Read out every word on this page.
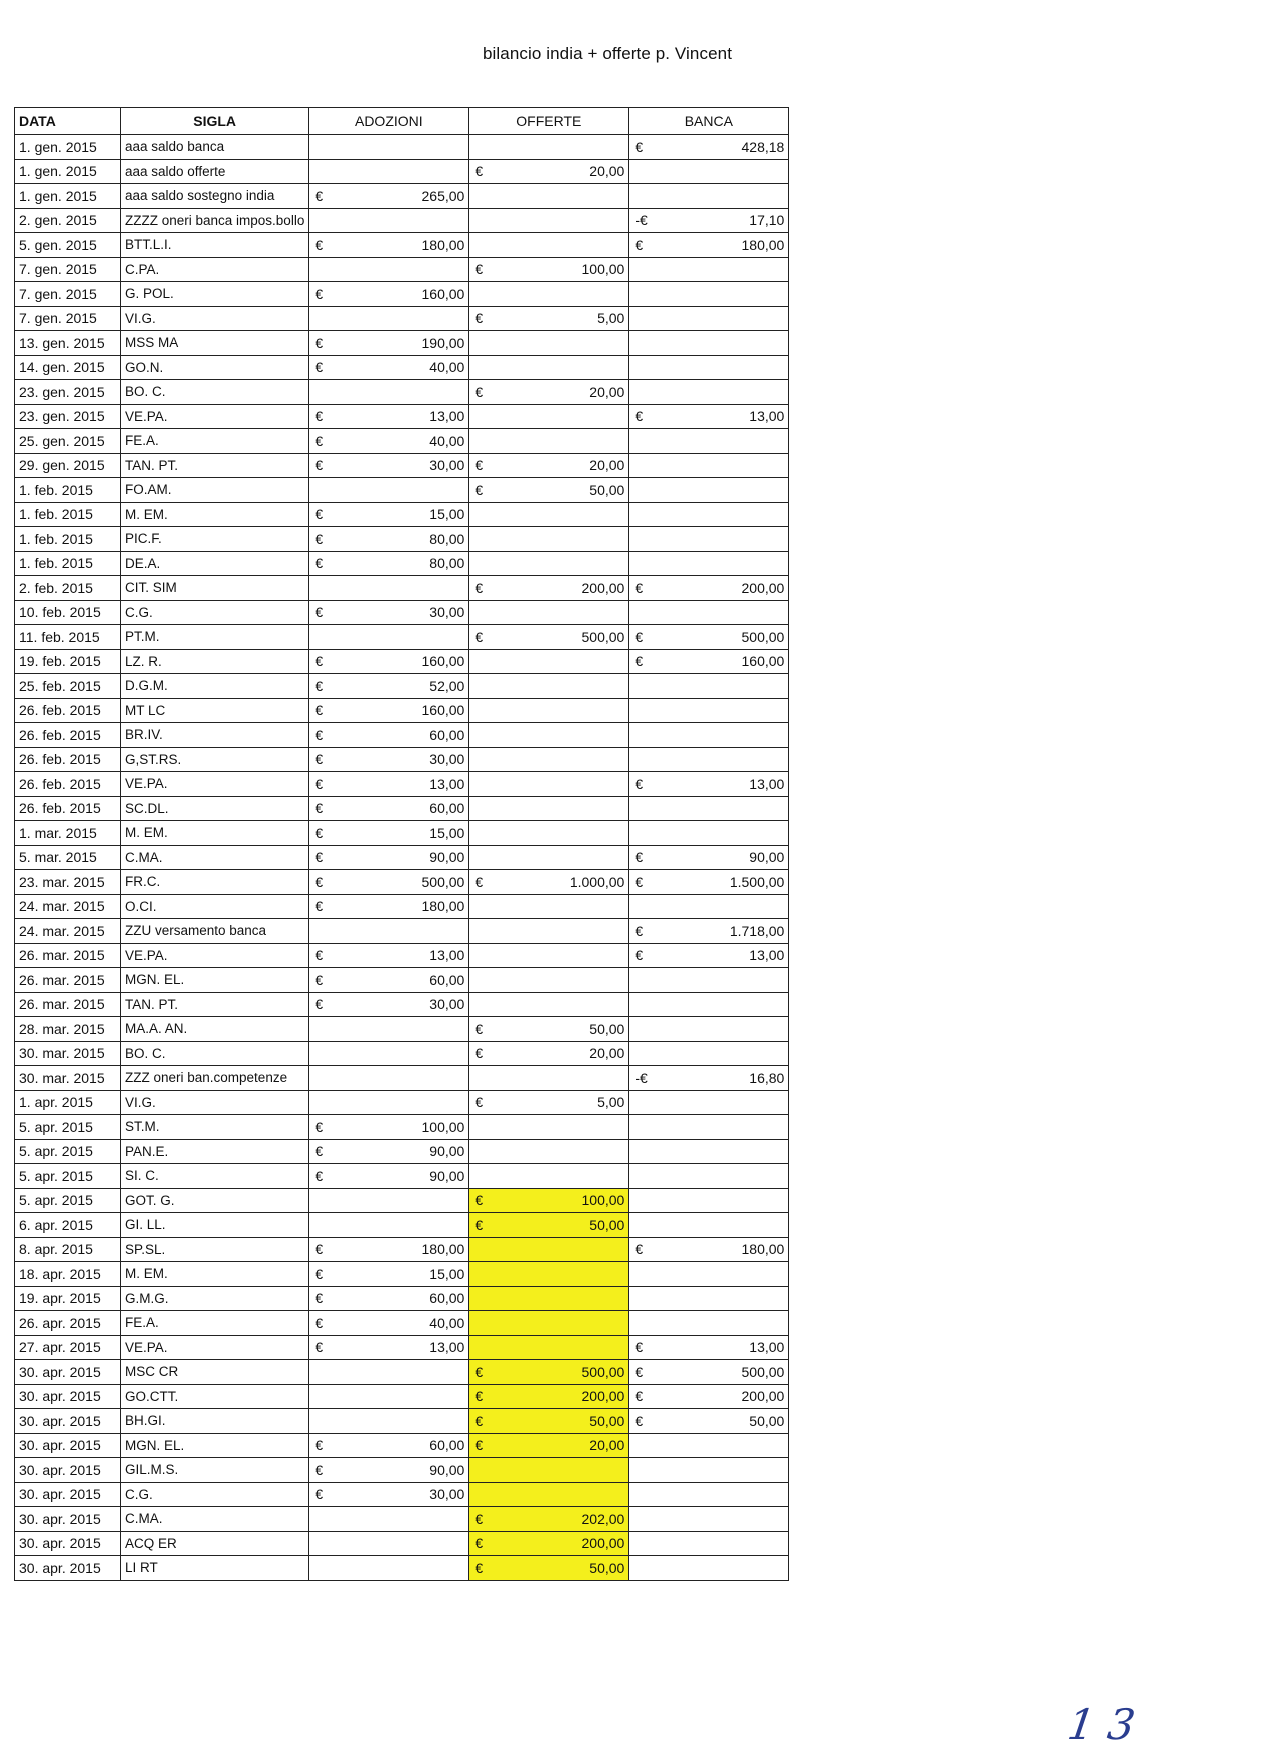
bilancio india + offerte p. Vincent
DATA	SIGLA	ADOZIONI	OFFERTE	BANCA
1. gen. 2015	aaa saldo banca			€ 428,18

1. gen. 2015	aaa saldo offerte		€ 20,00	

1. gen. 2015	aaa saldo sostegno india	€ 265,00		

2. gen. 2015	ZZZZ oneri banca impos.bollo			-€ 17,10

5. gen. 2015	BTT.L.I.	€ 180,00		€ 180,00

7. gen. 2015	C.PA.		€ 100,00	

7. gen. 2015	G. POL.	€ 160,00		

7. gen. 2015	VI.G.		€ 5,00	

13. gen. 2015	MSS MA	€ 190,00		

14. gen. 2015	GO.N.	€ 40,00		

23. gen. 2015	BO. C.		€ 20,00	

23. gen. 2015	VE.PA.	€ 13,00		€ 13,00

25. gen. 2015	FE.A.	€ 40,00		

29. gen. 2015	TAN. PT.	€ 30,00	€ 20,00	

1. feb. 2015	FO.AM.		€ 50,00	

1. feb. 2015	M. EM.	€ 15,00		

1. feb. 2015	PIC.F.	€ 80,00		

1. feb. 2015	DE.A.	€ 80,00		

2. feb. 2015	CIT. SIM		€ 200,00	€ 200,00

10. feb. 2015	C.G.	€ 30,00		

11. feb. 2015	PT.M.		€ 500,00	€ 500,00

19. feb. 2015	LZ. R.	€ 160,00		€ 160,00

25. feb. 2015	D.G.M.	€ 52,00		

26. feb. 2015	MT LC	€ 160,00		

26. feb. 2015	BR.IV.	€ 60,00		

26. feb. 2015	G,ST.RS.	€ 30,00		

26. feb. 2015	VE.PA.	€ 13,00		€ 13,00

26. feb. 2015	SC.DL.	€ 60,00		

1. mar. 2015	M. EM.	€ 15,00		

5. mar. 2015	C.MA.	€ 90,00		€ 90,00

23. mar. 2015	FR.C.	€ 500,00	€ 1.000,00	€ 1.500,00

24. mar. 2015	O.CI.	€ 180,00		

24. mar. 2015	ZZU versamento banca			€ 1.718,00

26. mar. 2015	VE.PA.	€ 13,00		€ 13,00

26. mar. 2015	MGN. EL.	€ 60,00		

26. mar. 2015	TAN. PT.	€ 30,00		

28. mar. 2015	MA.A. AN.		€ 50,00	

30. mar. 2015	BO. C.		€ 20,00	

30. mar. 2015	ZZZ oneri ban.competenze			-€ 16,80

1. apr. 2015	VI.G.		€ 5,00	

5. apr. 2015	ST.M.	€ 100,00		

5. apr. 2015	PAN.E.	€ 90,00		

5. apr. 2015	SI. C.	€ 90,00		

5. apr. 2015	GOT. G.		€ 100,00	

6. apr. 2015	GI. LL.		€ 50,00	

8. apr. 2015	SP.SL.	€ 180,00		€ 180,00

18. apr. 2015	M. EM.	€ 15,00		

19. apr. 2015	G.M.G.	€ 60,00		

26. apr. 2015	FE.A.	€ 40,00		

27. apr. 2015	VE.PA.	€ 13,00		€ 13,00

30. apr. 2015	MSC CR		€ 500,00	€ 500,00

30. apr. 2015	GO.CTT.		€ 200,00	€ 200,00

30. apr. 2015	BH.GI.		€ 50,00	€ 50,00

30. apr. 2015	MGN. EL.	€ 60,00	€ 20,00	

30. apr. 2015	GIL.M.S.	€ 90,00		

30. apr. 2015	C.G.	€ 30,00		

30. apr. 2015	C.MA.		€ 202,00	

30. apr. 2015	ACQ ER		€ 200,00	

30. apr. 2015	LI RT		€ 50,00	

1 3
